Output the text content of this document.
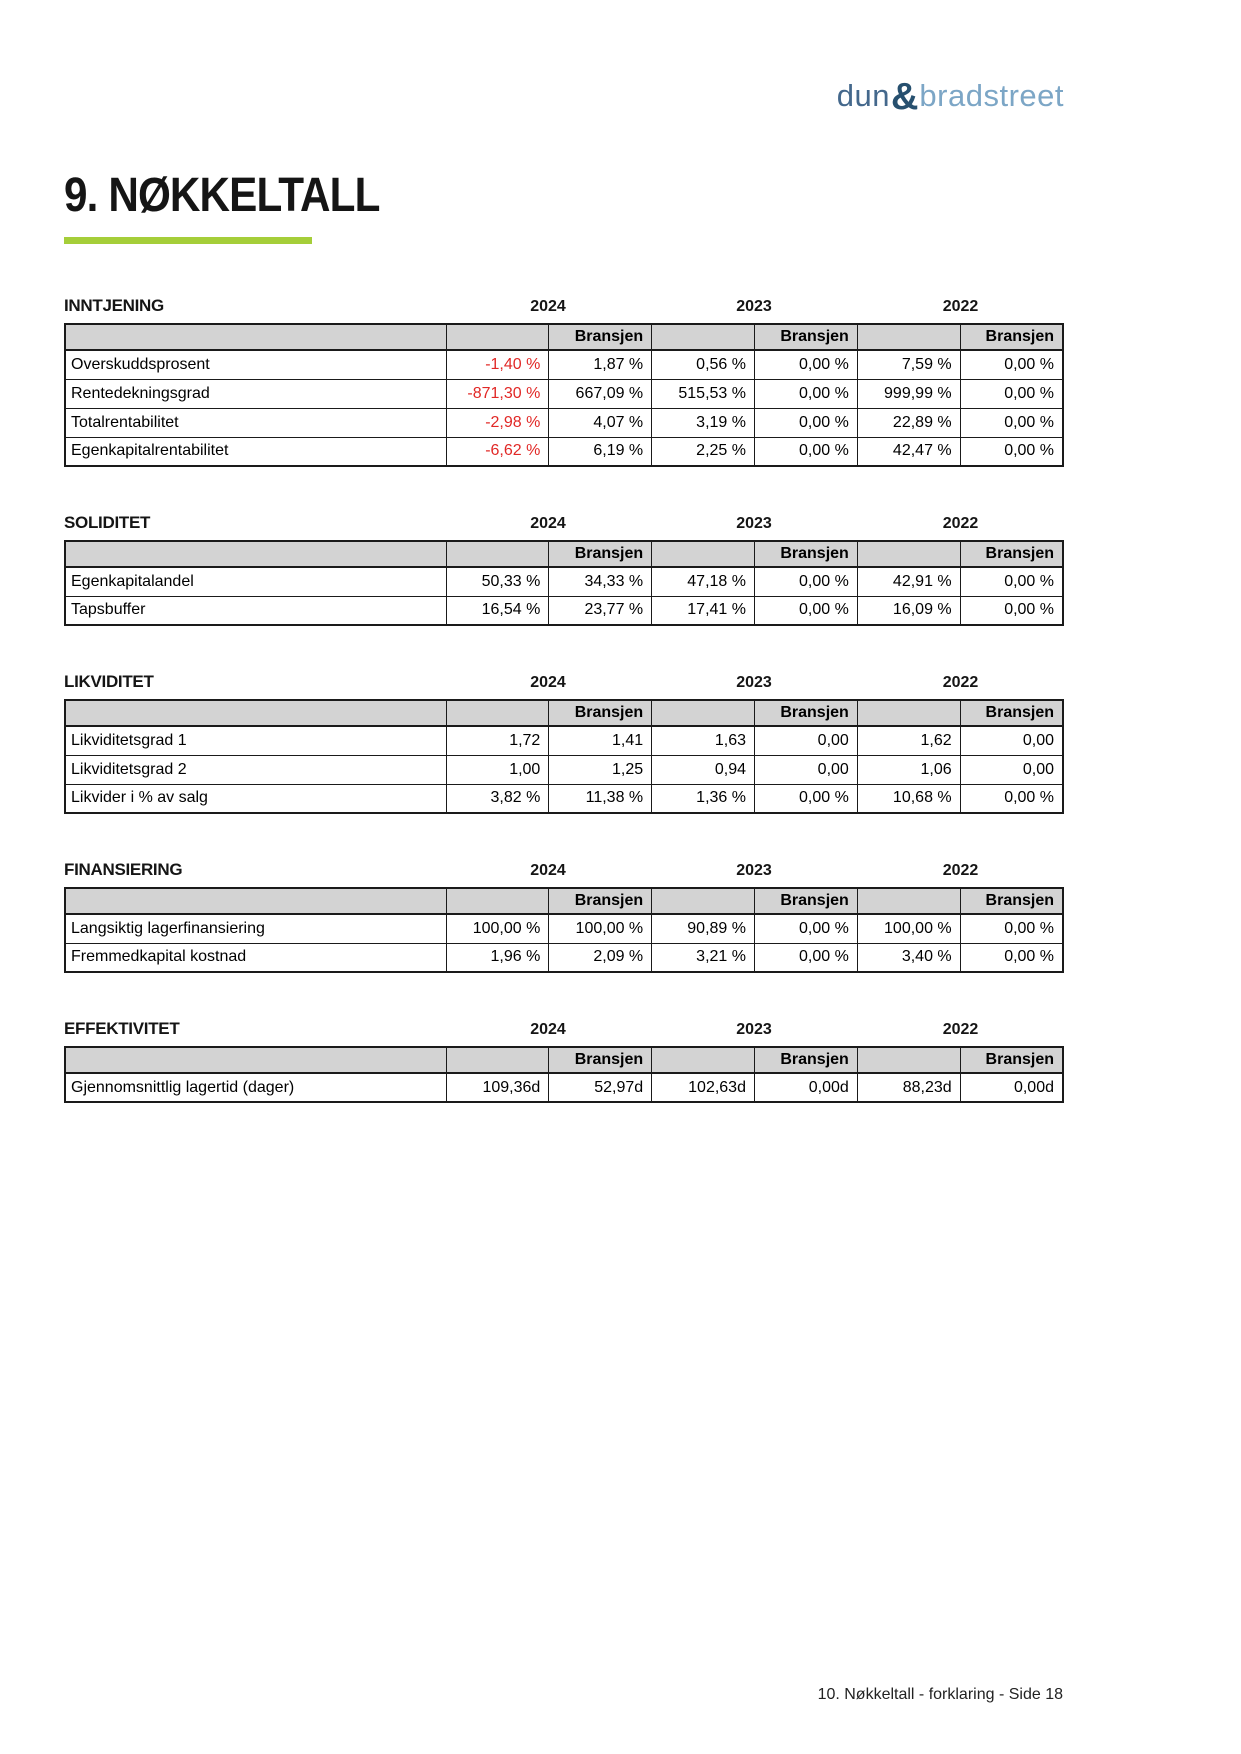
dun&bradstreet
9. NØKKELTALL
INNTJENING	2024	2023	2022
		Bransjen		Bransjen		Bransjen
Overskuddsprosent	-1,40 %	1,87 %	0,56 %	0,00 %	7,59 %	0,00 %
Rentedekningsgrad	-871,30 %	667,09 %	515,53 %	0,00 %	999,99 %	0,00 %
Totalrentabilitet	-2,98 %	4,07 %	3,19 %	0,00 %	22,89 %	0,00 %
Egenkapitalrentabilitet	-6,62 %	6,19 %	2,25 %	0,00 %	42,47 %	0,00 %
SOLIDITET	2024	2023	2022
		Bransjen		Bransjen		Bransjen
Egenkapitalandel	50,33 %	34,33 %	47,18 %	0,00 %	42,91 %	0,00 %
Tapsbuffer	16,54 %	23,77 %	17,41 %	0,00 %	16,09 %	0,00 %
LIKVIDITET	2024	2023	2022
		Bransjen		Bransjen		Bransjen
Likviditetsgrad 1	1,72	1,41	1,63	0,00	1,62	0,00
Likviditetsgrad 2	1,00	1,25	0,94	0,00	1,06	0,00
Likvider i % av salg	3,82 %	11,38 %	1,36 %	0,00 %	10,68 %	0,00 %
FINANSIERING	2024	2023	2022
		Bransjen		Bransjen		Bransjen
Langsiktig lagerfinansiering	100,00 %	100,00 %	90,89 %	0,00 %	100,00 %	0,00 %
Fremmedkapital kostnad	1,96 %	2,09 %	3,21 %	0,00 %	3,40 %	0,00 %
EFFEKTIVITET	2024	2023	2022
		Bransjen		Bransjen		Bransjen
Gjennomsnittlig lagertid (dager)	109,36d	52,97d	102,63d	0,00d	88,23d	0,00d
10. Nøkkeltall - forklaring - Side 18
